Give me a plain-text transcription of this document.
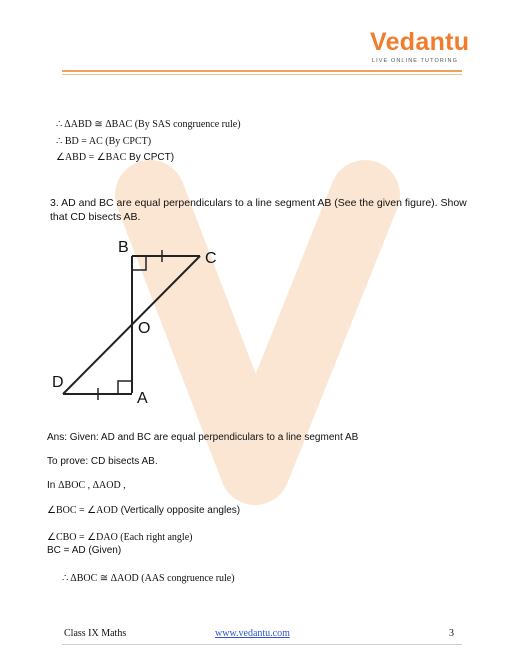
Vedantu
LIVE ONLINE TUTORING
∴ ΔABD ≅ ΔBAC (By SAS congruence rule)
∴ BD = AC (By CPCT)
∠ABD = ∠BAC By CPCT)
3. AD and BC are equal perpendiculars to a line segment AB (See the given figure). Show
that CD bisects AB.
B
C
O
D
A
Ans: Given: AD and BC are equal perpendiculars to a line segment AB
To prove: CD bisects AB.
In ΔBOC , ΔAOD ,
∠BOC = ∠AOD (Vertically opposite angles)
∠CBO = ∠DAO (Each right angle)
BC = AD (Given)
∴ ΔBOC ≅ ΔAOD (AAS congruence rule)
Class IX Maths	www.vedantu.com	3
